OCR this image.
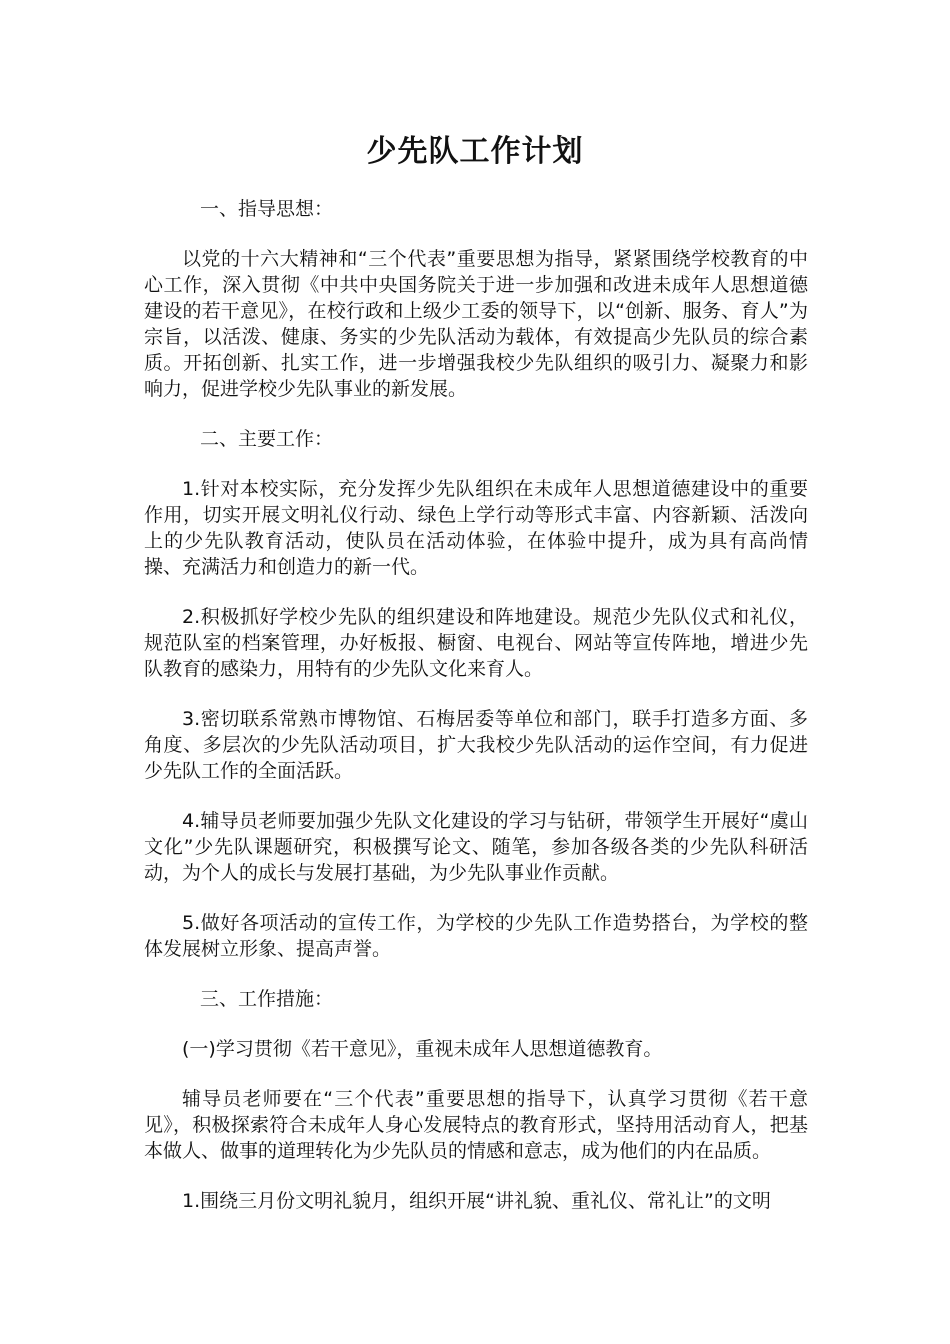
少先队工作计划

一、指导思想：

以党的十六大精神和“三个代表”重要思想为指导，紧紧围绕学校教育的中心工作，深入贯彻《中共中央国务院关于进一步加强和改进未成年人思想道德建设的若干意见》，在校行政和上级少工委的领导下，以“创新、服务、育人”为宗旨，以活泼、健康、务实的少先队活动为载体，有效提高少先队员的综合素质。开拓创新、扎实工作，进一步增强我校少先队组织的吸引力、凝聚力和影响力，促进学校少先队事业的新发展。

二、主要工作：

1.针对本校实际，充分发挥少先队组织在未成年人思想道德建设中的重要作用，切实开展文明礼仪行动、绿色上学行动等形式丰富、内容新颖、活泼向上的少先队教育活动，使队员在活动体验，在体验中提升，成为具有高尚情操、充满活力和创造力的新一代。

2.积极抓好学校少先队的组织建设和阵地建设。规范少先队仪式和礼仪，规范队室的档案管理，办好板报、橱窗、电视台、网站等宣传阵地，增进少先队教育的感染力，用特有的少先队文化来育人。

3.密切联系常熟市博物馆、石梅居委等单位和部门，联手打造多方面、多角度、多层次的少先队活动项目，扩大我校少先队活动的运作空间，有力促进少先队工作的全面活跃。

4.辅导员老师要加强少先队文化建设的学习与钻研，带领学生开展好“虞山文化”少先队课题研究，积极撰写论文、随笔，参加各级各类的少先队科研活动，为个人的成长与发展打基础，为少先队事业作贡献。

5.做好各项活动的宣传工作，为学校的少先队工作造势搭台，为学校的整体发展树立形象、提高声誉。

三、工作措施：

(一)学习贯彻《若干意见》，重视未成年人思想道德教育。

辅导员老师要在“三个代表”重要思想的指导下，认真学习贯彻《若干意见》，积极探索符合未成年人身心发展特点的教育形式，坚持用活动育人，把基本做人、做事的道理转化为少先队员的情感和意志，成为他们的内在品质。

1.围绕三月份文明礼貌月，组织开展“讲礼貌、重礼仪、常礼让”的文明
